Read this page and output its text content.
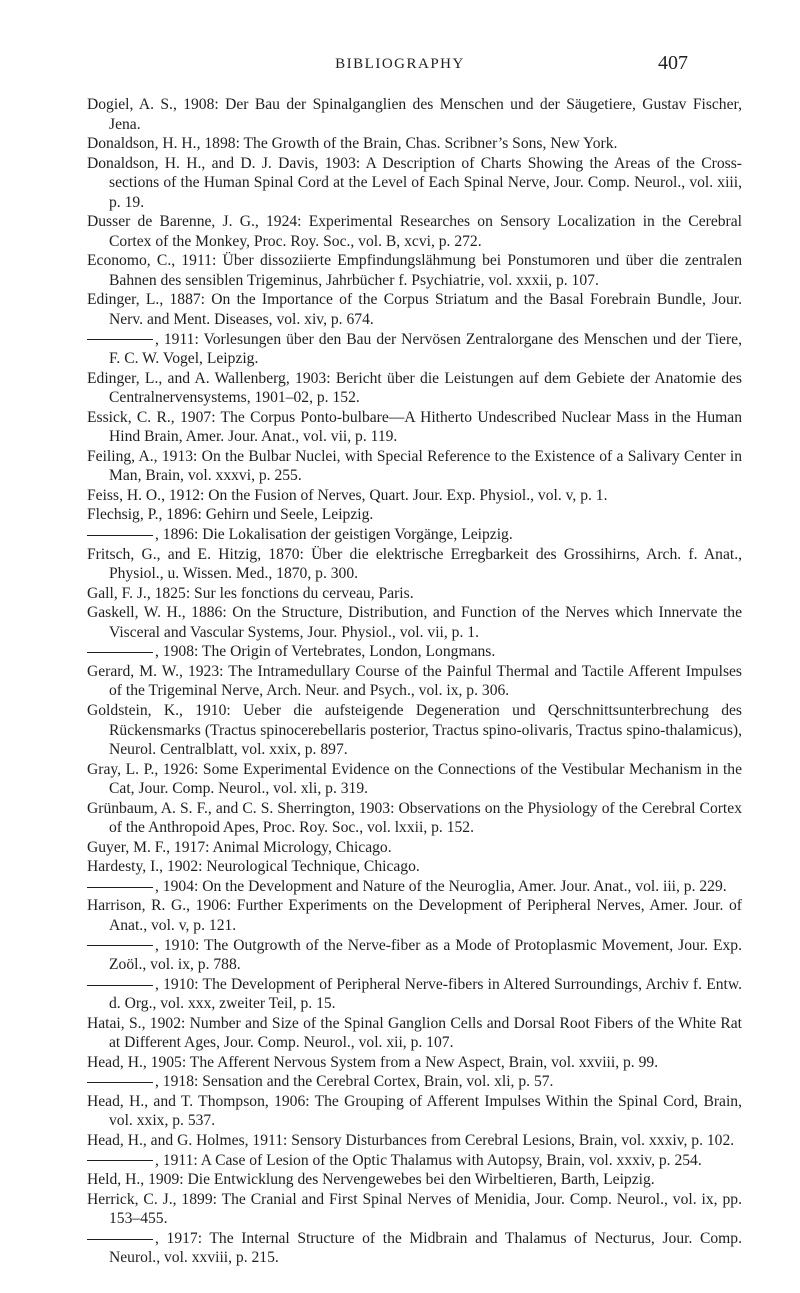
BIBLIOGRAPHY	407

Dogiel, A. S., 1908: Der Bau der Spinalganglien des Menschen und der Säugetiere, Gustav Fischer, Jena.

Donaldson, H. H., 1898: The Growth of the Brain, Chas. Scribner’s Sons, New York.

Donaldson, H. H., and D. J. Davis, 1903: A Description of Charts Showing the Areas of the Cross-sections of the Human Spinal Cord at the Level of Each Spinal Nerve, Jour. Comp. Neurol., vol. xiii, p. 19.

Dusser de Barenne, J. G., 1924: Experimental Researches on Sensory Localization in the Cerebral Cortex of the Monkey, Proc. Roy. Soc., vol. B, xcvi, p. 272.

Economo, C., 1911: Über dissoziierte Empfindungslähmung bei Ponstumoren und über die zentralen Bahnen des sensiblen Trigeminus, Jahrbücher f. Psychiatrie, vol. xxxii, p. 107.

Edinger, L., 1887: On the Importance of the Corpus Striatum and the Basal Forebrain Bundle, Jour. Nerv. and Ment. Diseases, vol. xiv, p. 674.

, 1911: Vorlesungen über den Bau der Nervösen Zentralorgane des Menschen und der Tiere, F. C. W. Vogel, Leipzig.

Edinger, L., and A. Wallenberg, 1903: Bericht über die Leistungen auf dem Gebiete der Anatomie des Centralnervensystems, 1901–02, p. 152.

Essick, C. R., 1907: The Corpus Ponto-bulbare—A Hitherto Undescribed Nuclear Mass in the Human Hind Brain, Amer. Jour. Anat., vol. vii, p. 119.

Feiling, A., 1913: On the Bulbar Nuclei, with Special Reference to the Existence of a Salivary Center in Man, Brain, vol. xxxvi, p. 255.

Feiss, H. O., 1912: On the Fusion of Nerves, Quart. Jour. Exp. Physiol., vol. v, p. 1.

Flechsig, P., 1896: Gehirn und Seele, Leipzig.

, 1896: Die Lokalisation der geistigen Vorgänge, Leipzig.

Fritsch, G., and E. Hitzig, 1870: Über die elektrische Erregbarkeit des Grossihirns, Arch. f. Anat., Physiol., u. Wissen. Med., 1870, p. 300.

Gall, F. J., 1825: Sur les fonctions du cerveau, Paris.

Gaskell, W. H., 1886: On the Structure, Distribution, and Function of the Nerves which Innervate the Visceral and Vascular Systems, Jour. Physiol., vol. vii, p. 1.

, 1908: The Origin of Vertebrates, London, Longmans.

Gerard, M. W., 1923: The Intramedullary Course of the Painful Thermal and Tactile Afferent Impulses of the Trigeminal Nerve, Arch. Neur. and Psych., vol. ix, p. 306.

Goldstein, K., 1910: Ueber die aufsteigende Degeneration und Qerschnittsunterbrechung des Rückensmarks (Tractus spinocerebellaris posterior, Tractus spino-olivaris, Tractus spino-thalamicus), Neurol. Centralblatt, vol. xxix, p. 897.

Gray, L. P., 1926: Some Experimental Evidence on the Connections of the Vestibular Mechanism in the Cat, Jour. Comp. Neurol., vol. xli, p. 319.

Grünbaum, A. S. F., and C. S. Sherrington, 1903: Observations on the Physiology of the Cerebral Cortex of the Anthropoid Apes, Proc. Roy. Soc., vol. lxxii, p. 152.

Guyer, M. F., 1917: Animal Micrology, Chicago.

Hardesty, I., 1902: Neurological Technique, Chicago.

, 1904: On the Development and Nature of the Neuroglia, Amer. Jour. Anat., vol. iii, p. 229.

Harrison, R. G., 1906: Further Experiments on the Development of Peripheral Nerves, Amer. Jour. of Anat., vol. v, p. 121.

, 1910: The Outgrowth of the Nerve-fiber as a Mode of Protoplasmic Movement, Jour. Exp. Zoöl., vol. ix, p. 788.

, 1910: The Development of Peripheral Nerve-fibers in Altered Surroundings, Archiv f. Entw. d. Org., vol. xxx, zweiter Teil, p. 15.

Hatai, S., 1902: Number and Size of the Spinal Ganglion Cells and Dorsal Root Fibers of the White Rat at Different Ages, Jour. Comp. Neurol., vol. xii, p. 107.

Head, H., 1905: The Afferent Nervous System from a New Aspect, Brain, vol. xxviii, p. 99.

, 1918: Sensation and the Cerebral Cortex, Brain, vol. xli, p. 57.

Head, H., and T. Thompson, 1906: The Grouping of Afferent Impulses Within the Spinal Cord, Brain, vol. xxix, p. 537.

Head, H., and G. Holmes, 1911: Sensory Disturbances from Cerebral Lesions, Brain, vol. xxxiv, p. 102.

, 1911: A Case of Lesion of the Optic Thalamus with Autopsy, Brain, vol. xxxiv, p. 254.

Held, H., 1909: Die Entwicklung des Nervengewebes bei den Wirbeltieren, Barth, Leipzig.

Herrick, C. J., 1899: The Cranial and First Spinal Nerves of Menidia, Jour. Comp. Neurol., vol. ix, pp. 153–455.

, 1917: The Internal Structure of the Midbrain and Thalamus of Necturus, Jour. Comp. Neurol., vol. xxviii, p. 215.
